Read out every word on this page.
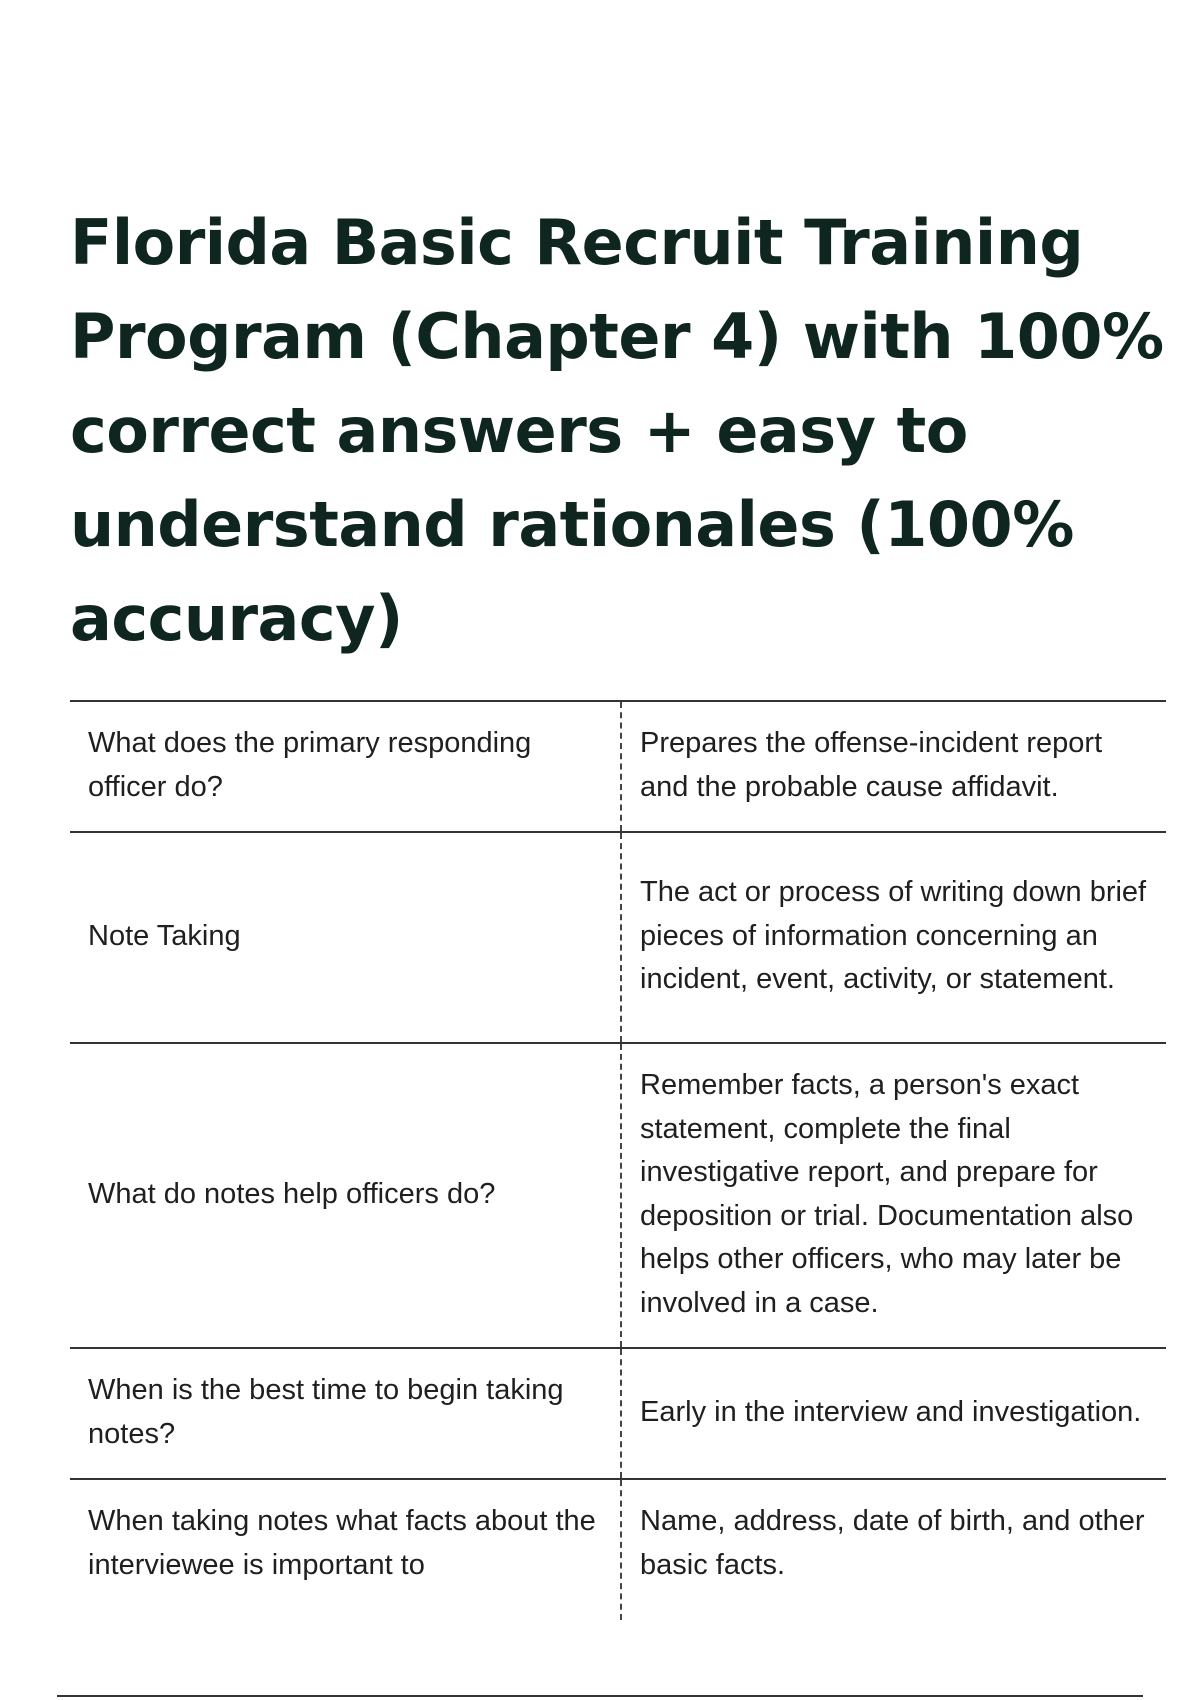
Florida Basic Recruit Training Program (Chapter 4) with 100% correct answers + easy to understand rationales (100% accuracy)
What does the primary responding officer do?	Prepares the offense-incident report and the probable cause affidavit.
Note Taking	The act or process of writing down brief pieces of information concerning an incident, event, activity, or statement.
What do notes help officers do?	Remember facts, a person's exact statement, complete the final investigative report, and prepare for deposition or trial. Documentation also helps other officers, who may later be involved in a case.
When is the best time to begin taking notes?	Early in the interview and investigation.
When taking notes what facts about the interviewee is important to	Name, address, date of birth, and other basic facts.
